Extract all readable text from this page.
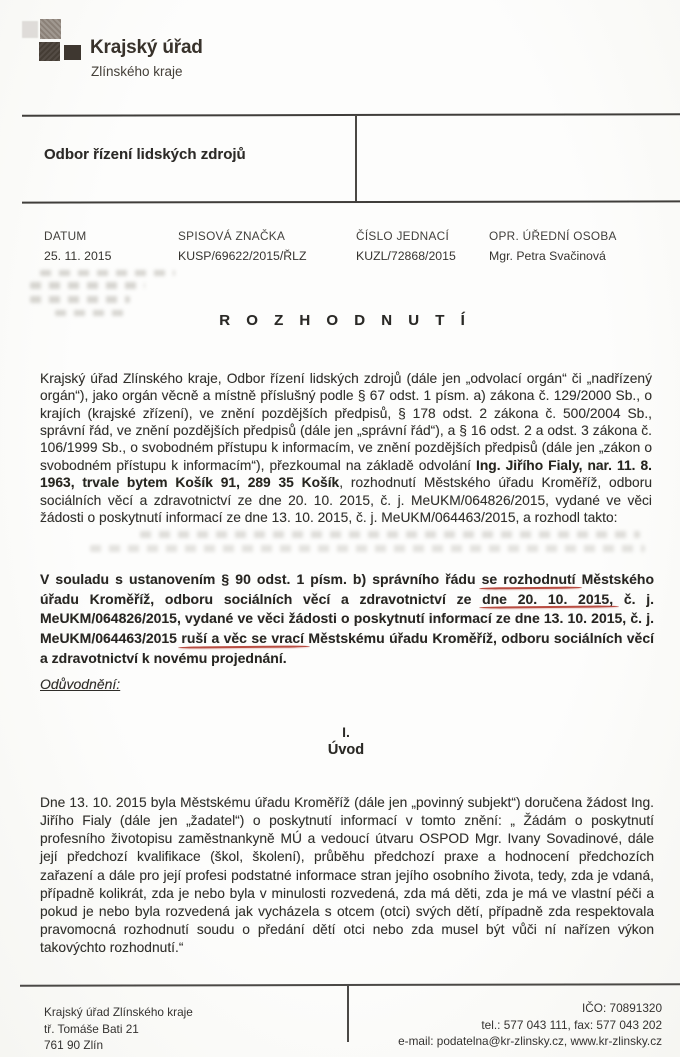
Krajský úřad
Zlínského kraje
Odbor řízení lidských zdrojů
DATUM
25. 11. 2015
SPISOVÁ ZNAČKA
KUSP/69622/2015/ŘLZ
ČÍSLO JEDNACÍ
KUZL/72868/2015
OPR. ÚŘEDNÍ OSOBA
Mgr. Petra Svačinová
R O Z H O D N U T Í

Krajský úřad Zlínského kraje, Odbor řízení lidských zdrojů (dále jen „odvolací orgán“ či „nadřízený orgán“), jako orgán věcně a místně příslušný podle § 67 odst. 1 písm. a) zákona č. 129/2000 Sb., o krajích (krajské zřízení), ve znění pozdějších předpisů, § 178 odst. 2 zákona č. 500/2004 Sb., správní řád, ve znění pozdějších předpisů (dále jen „správní řád“), a § 16 odst. 2 a odst. 3 zákona č. 106/1999 Sb., o svobodném přístupu k informacím, ve znění pozdějších předpisů (dále jen „zákon o svobodném přístupu k informacím“), přezkoumal na základě odvolání Ing. Jiřího Fialy, nar. 11. 8. 1963, trvale bytem Košík 91, 289 35 Košík, rozhodnutí Městského úřadu Kroměříž, odboru sociálních věcí a zdravotnictví ze dne 20. 10. 2015, č. j. MeUKM/064826/2015, vydané ve věci žádosti o poskytnutí informací ze dne 13. 10. 2015, č. j. MeUKM/064463/2015, a rozhodl takto:

V souladu s ustanovením § 90 odst. 1 písm. b) správního řádu se rozhodnutí Městského úřadu Kroměříž, odboru sociálních věcí a zdravotnictví ze dne 20. 10. 2015, č. j. MeUKM/064826/2015, vydané ve věci žádosti o poskytnutí informací ze dne 13. 10. 2015, č. j. MeUKM/064463/2015 ruší a věc se vrací Městskému úřadu Kroměříž, odboru sociálních věcí a zdravotnictví k novému projednání.

Odůvodnění:
I.
Úvod

Dne 13. 10. 2015 byla Městskému úřadu Kroměříž (dále jen „povinný subjekt“) doručena žádost Ing. Jiřího Fialy (dále jen „žadatel“) o poskytnutí informací v tomto znění: „ Žádám o poskytnutí profesního životopisu zaměstnankyně MÚ a vedoucí útvaru OSPOD Mgr. Ivany Sovadinové, dále její předchozí kvalifikace (škol, školení), průběhu předchozí praxe a hodnocení předchozích zařazení a dále pro její profesi podstatné informace stran jejího osobního života, tedy, zda je vdaná, případně kolikrát, zda je nebo byla v minulosti rozvedená, zda má děti, zda je má ve vlastní péči a pokud je nebo byla rozvedená jak vycházela s otcem (otci) svých dětí, případně zda respektovala pravomocná rozhodnutí soudu o předání dětí otci nebo zda musel být vůči ní nařízen výkon takovýchto rozhodnutí.“

Krajský úřad Zlínského kraje
tř. Tomáše Bati 21
761 90 Zlín
IČO: 70891320
tel.: 577 043 111, fax: 577 043 202
e-mail: podatelna@kr-zlinsky.cz, www.kr-zlinsky.cz
